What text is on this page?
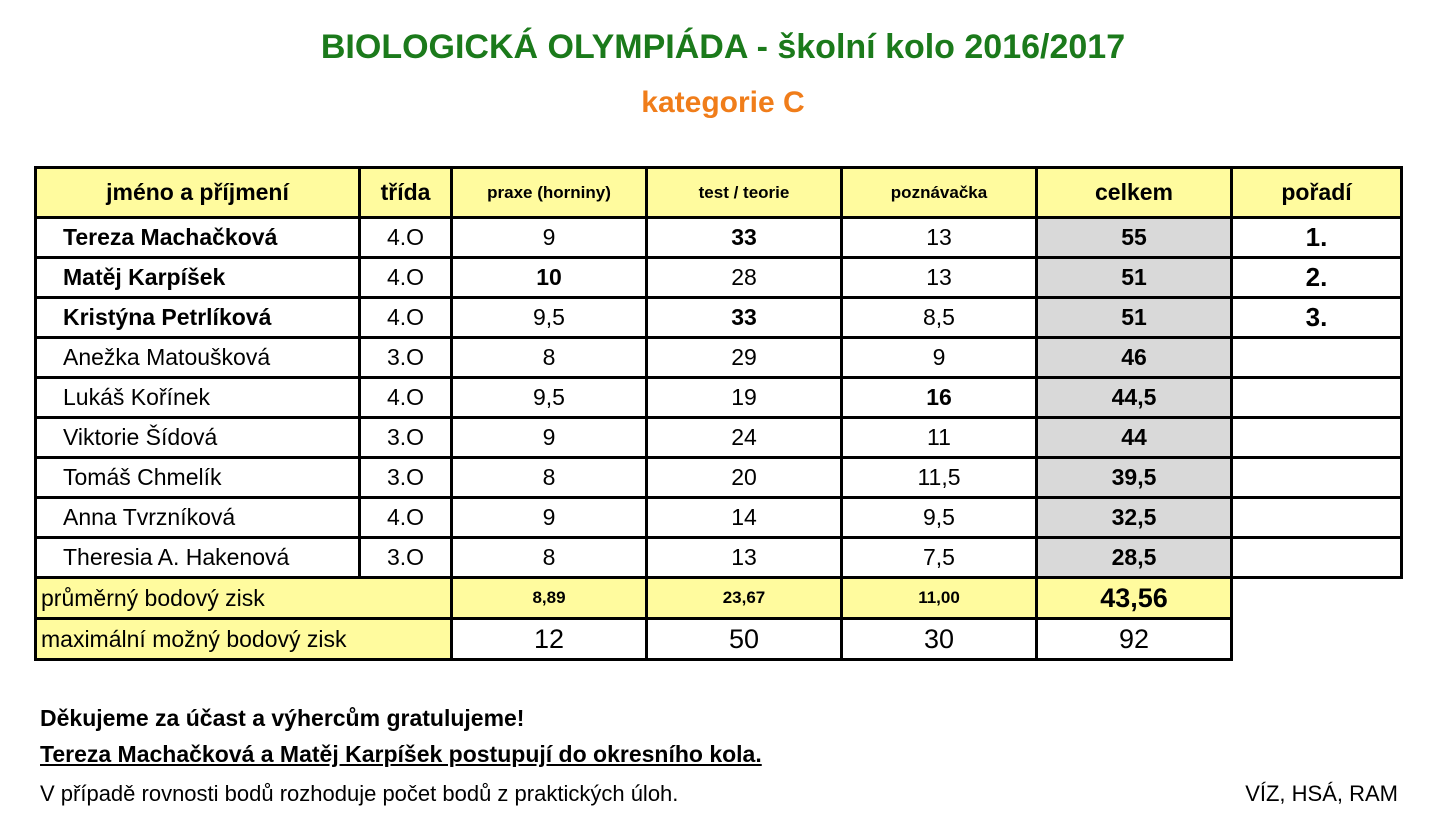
BIOLOGICKÁ OLYMPIÁDA - školní kolo 2016/2017
kategorie C
jméno a příjmení	třída	praxe (horniny)	test / teorie	poznávačka	celkem	pořadí
Tereza Machačková	4.O	9	33	13	55	1.
Matěj Karpíšek	4.O	10	28	13	51	2.
Kristýna Petrlíková	4.O	9,5	33	8,5	51	3.
Anežka Matoušková	3.O	8	29	9	46	
Lukáš Kořínek	4.O	9,5	19	16	44,5	
Viktorie Šídová	3.O	9	24	11	44	
Tomáš Chmelík	3.O	8	20	11,5	39,5	
Anna Tvrzníková	4.O	9	14	9,5	32,5	
Theresia A. Hakenová	3.O	8	13	7,5	28,5	
průměrný bodový zisk		8,89	23,67	11,00	43,56	
maximální možný bodový zisk		12	50	30	92	
Děkujeme za účast a výhercům gratulujeme!
Tereza Machačková a Matěj Karpíšek postupují do okresního kola.
V případě rovnosti bodů rozhoduje počet bodů z praktických úloh.	VÍZ, HSÁ, RAM
